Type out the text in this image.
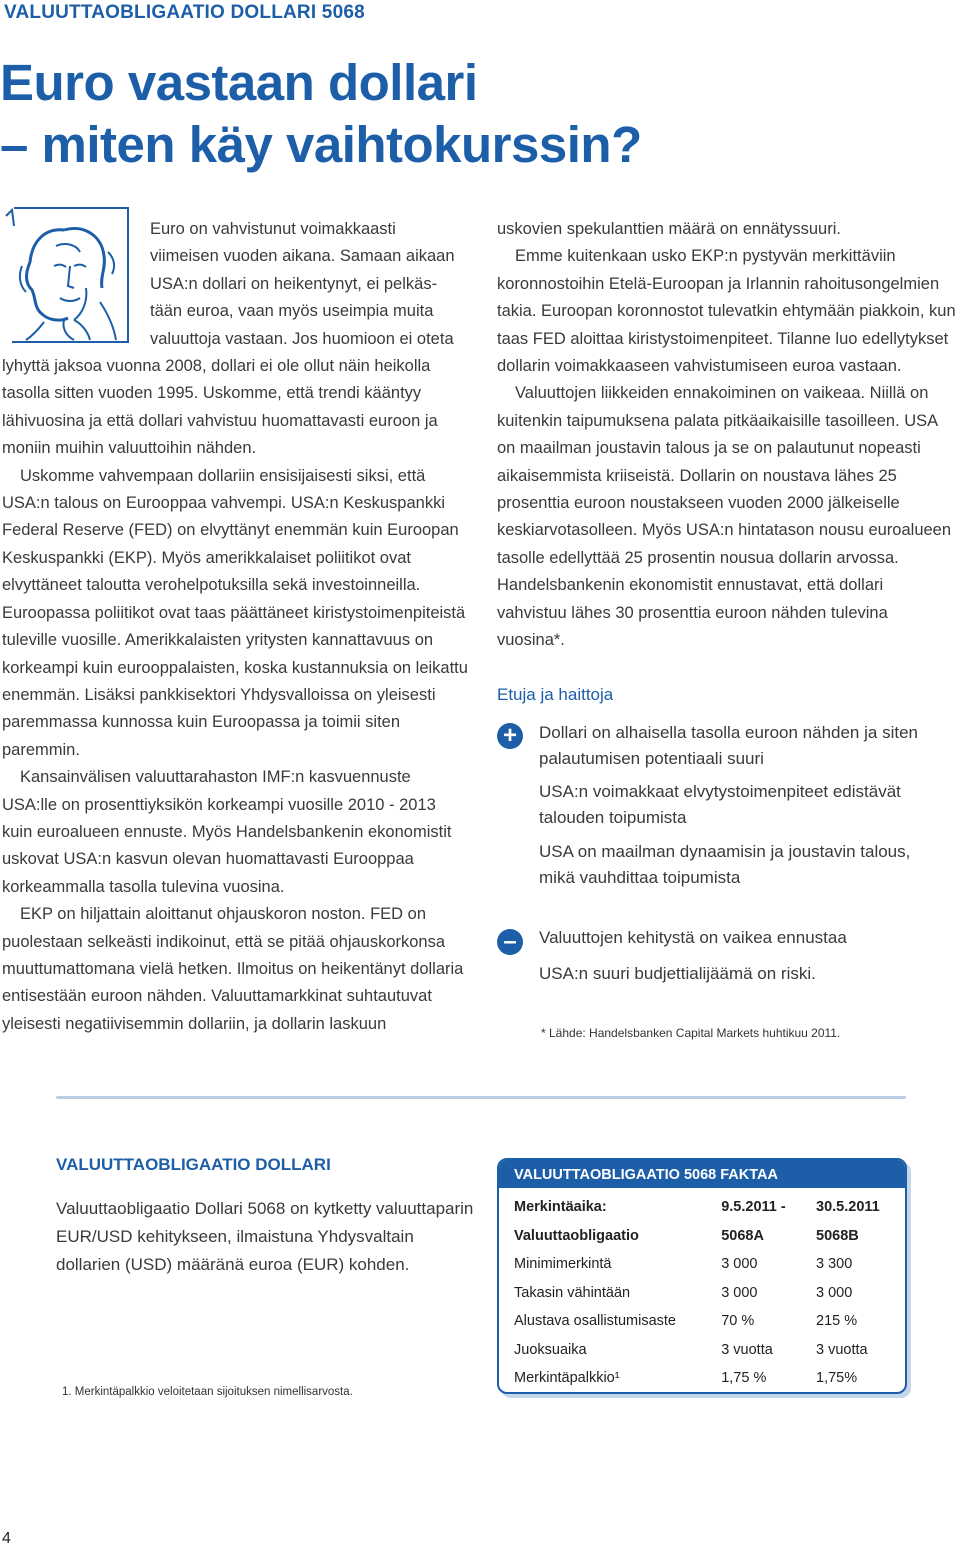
VALUUTTAOBLIGAATIO DOLLARI 5068

Euro vastaan dollari
– miten käy vaihtokurssin?

Euro on vahvistunut voimakkaasti

viimeisen vuoden aikana. Samaan aikaan

USA:n dollari on heikentynyt, ei pelkäs-

tään euroa, vaan myös useimpia muita

valuuttoja vastaan. Jos huomioon ei oteta

lyhyttä jaksoa vuonna 2008, dollari ei ole ollut näin heikolla tasolla sitten vuoden 1995. Uskomme, että trendi kääntyy lähivuosina ja että dollari vahvistuu huomattavasti euroon ja moniin muihin valuuttoihin nähden.

Uskomme vahvempaan dollariin ensisijaisesti siksi, että USA:n talous on Eurooppaa vahvempi. USA:n Keskuspankki Federal Reserve (FED) on elvyttänyt enemmän kuin Euroopan Keskuspankki (EKP). Myös amerikkalaiset poliitikot ovat elvyttäneet taloutta verohelpotuksilla sekä investoinneilla. Euroopassa poliitikot ovat taas päättäneet kiristystoimenpiteistä tuleville vuosille. Amerikkalaisten yritysten kannattavuus on korkeampi kuin eurooppalaisten, koska kustannuksia on leikattu enemmän. Lisäksi pankkisektori Yhdysvalloissa on yleisesti paremmassa kunnossa kuin Euroopassa ja toimii siten paremmin.

Kansainvälisen valuuttarahaston IMF:n kasvuennuste USA:lle on prosenttiyksikön korkeampi vuosille 2010 - 2013 kuin euroalueen ennuste. Myös Handelsbankenin ekonomistit uskovat USA:n kasvun olevan huomattavasti Eurooppaa korkeammalla tasolla tulevina vuosina.

EKP on hiljattain aloittanut ohjauskoron noston. FED on puolestaan selkeästi indikoinut, että se pitää ohjauskorkonsa muuttumattomana vielä hetken. Ilmoitus on heikentänyt dollaria entisestään euroon nähden. Valuuttamarkkinat suhtautuvat yleisesti negatiivisemmin dollariin, ja dollarin laskuun

uskovien spekulanttien määrä on ennätyssuuri.

Emme kuitenkaan usko EKP:n pystyvän merkittäviin koronnostoihin Etelä-Euroopan ja Irlannin rahoitusongelmien takia. Euroopan koronnostot tulevatkin ehtymään piakkoin, kun taas FED aloittaa kiristystoimenpiteet. Tilanne luo edellytykset dollarin voimakkaaseen vahvistumiseen euroa vastaan.

Valuuttojen liikkeiden ennakoiminen on vaikeaa. Niillä on kuitenkin taipumuksena palata pitkäaikaisille tasoilleen. USA on maailman joustavin talous ja se on palautunut nopeasti aikaisemmista kriiseistä. Dollarin on noustava lähes 25 prosenttia euroon noustakseen vuoden 2000 jälkeiselle keskiarvotasolleen. Myös USA:n hintatason nousu euroalueen tasolle edellyttää 25 prosentin nousua dollarin arvossa. Handelsbankenin ekonomistit ennustavat, että dollari vahvistuu lähes 30 prosenttia euroon nähden tulevina vuosina*.

Etuja ja haittoja
+	Dollari on alhaisella tasolla euroon nähden ja siten palautumisen potentiaali suuri

USA:n voimakkaat elvytystoimenpiteet edistävät talouden toipumista

USA on maailman dynaamisin ja joustavin talous, mikä vauhdittaa toipumista

–	Valuuttojen kehitystä on vaikea ennustaa

USA:n suuri budjettialijäämä on riski.

* Lähde: Handelsbanken Capital Markets huhtikuu 2011.

VALUUTTAOBLIGAATIO DOLLARI

Valuuttaobligaatio Dollari 5068 on kytketty valuuttaparin EUR/USD kehitykseen, ilmaistuna Yhdysvaltain dollarien (USD) määränä euroa (EUR) kohden.

1. Merkintäpalkkio veloitetaan sijoituksen nimellisarvosta.

VALUUTTAOBLIGAATIO 5068 FAKTAA
Merkintäaika:	9.5.2011 -	30.5.2011
Valuuttaobligaatio	5068A	5068B
Minimimerkintä	3 000	3 300
Takasin vähintään	3 000	3 000
Alustava osallistumisaste	70 %	215 %
Juoksuaika	3 vuotta	3 vuotta
Merkintäpalkkio¹	1,75 %	1,75%

4
